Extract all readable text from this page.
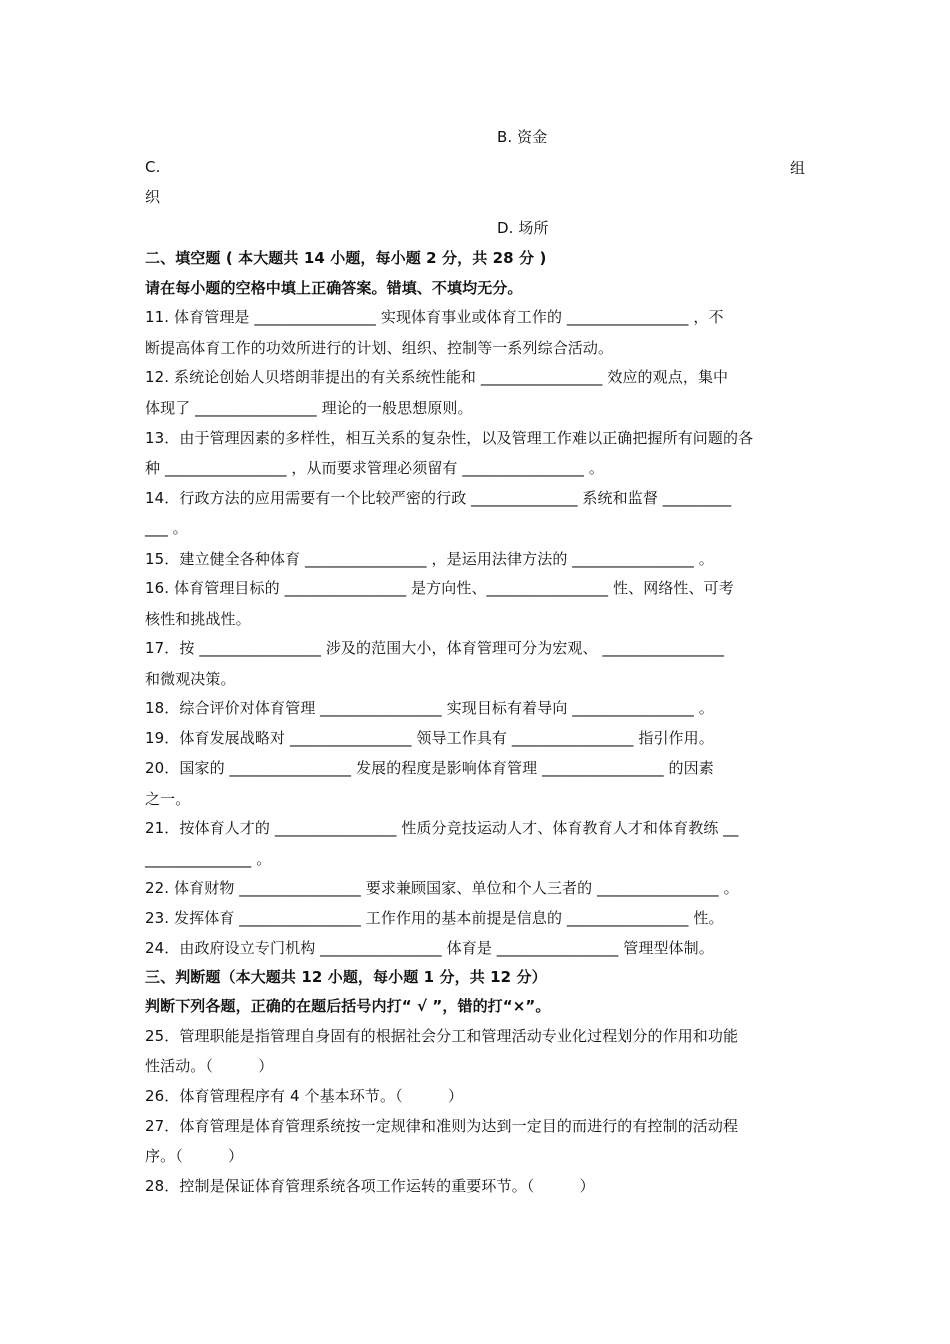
B. 资金
C.	组
织
D. 场所
二、填空题 ( 本大题共 14 小题，每小题 2 分，共 28 分 )
请在每小题的空格中填上正确答案。错填、不填均无分。
11. 体育管理是 ________________ 实现体育事业或体育工作的 ________________ ，不
断提高体育工作的功效所进行的计划、组织、控制等一系列综合活动。
12. 系统论创始人贝塔朗菲提出的有关系统性能和 ________________ 效应的观点，集中
体现了 ________________ 理论的一般思想原则。
13．由于管理因素的多样性，相互关系的复杂性，以及管理工作难以正确把握所有问题的各
种 ________________ ，从而要求管理必须留有 ________________ 。
14．行政方法的应用需要有一个比较严密的行政 ______________ 系统和监督 _________
___ 。
15．建立健全各种体育 ________________ ，是运用法律方法的 ________________ 。
16. 体育管理目标的 ________________ 是方向性、________________ 性、网络性、可考
核性和挑战性。
17．按 ________________ 涉及的范围大小，体育管理可分为宏观、 ________________
和微观决策。
18．综合评价对体育管理 ________________ 实现目标有着导向 ________________ 。
19．体育发展战略对 ________________ 领导工作具有 ________________ 指引作用。
20．国家的 ________________ 发展的程度是影响体育管理 ________________ 的因素
之一。
21．按体育人才的 ________________ 性质分竞技运动人才、体育教育人才和体育教练 __
______________ 。
22. 体育财物 ________________ 要求兼顾国家、单位和个人三者的 ________________ 。
23. 发挥体育 ________________ 工作作用的基本前提是信息的 ________________ 性。
24．由政府设立专门机构 ________________ 体育是 ________________ 管理型体制。
三、判断题（本大题共 12 小题，每小题 1 分，共 12 分）
判断下列各题，正确的在题后括号内打“ √ ”，错的打“×”。
25．管理职能是指管理自身固有的根据社会分工和管理活动专业化过程划分的作用和功能
性活动。（　　　）
26．体育管理程序有 4 个基本环节。（　　　）
27．体育管理是体育管理系统按一定规律和准则为达到一定目的而进行的有控制的活动程
序。（　　　）
28．控制是保证体育管理系统各项工作运转的重要环节。（　　　）
